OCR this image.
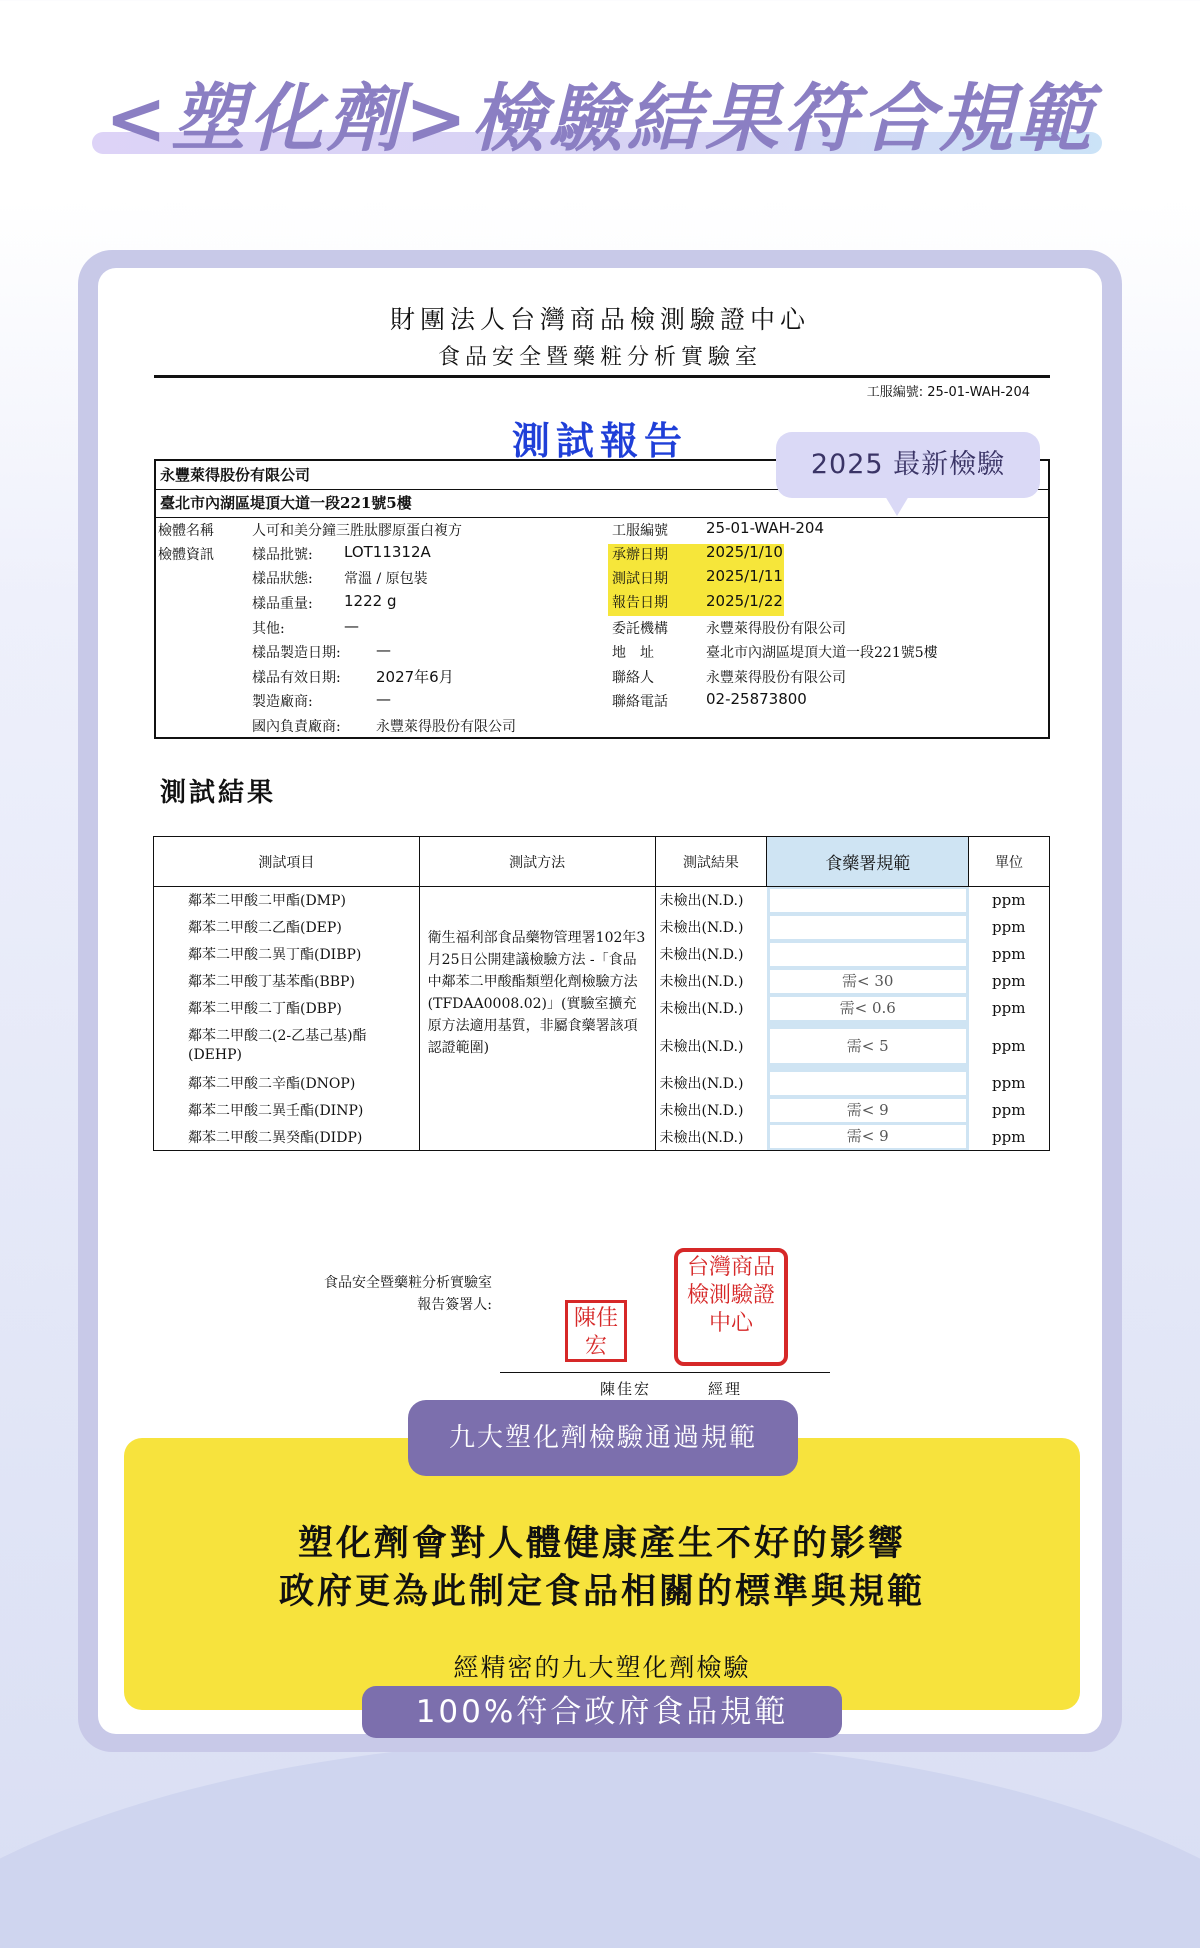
<塑化劑>檢驗結果符合規範
財團法人台灣商品檢測驗證中心
食品安全暨藥粧分析實驗室
工服編號: 25-01-WAH-204
測試報告
2025 最新檢驗
永豐萊得股份有限公司
臺北市內湖區堤頂大道一段221號5樓
檢體名稱	人可和美分鐘三胜肽膠原蛋白複方
檢體資訊	樣品批號: LOT11312A
樣品狀態: 常溫 / 原包裝
樣品重量: 1222 g
其他:	—
樣品製造日期: —
樣品有效日期: 2027年6月
製造廠商:	—
國內負責廠商:	永豐萊得股份有限公司
工服編號	25-01-WAH-204
承辦日期	2025/1/10
測試日期	2025/1/11
報告日期	2025/1/22
委託機構	永豐萊得股份有限公司
地　址	臺北市內湖區堤頂大道一段221號5樓
聯絡人	永豐萊得股份有限公司
聯絡電話	02-25873800
測試結果
測試項目	測試方法	測試結果	食藥署規範	單位
鄰苯二甲酸二甲酯(DMP)	衛生福利部食品藥物管理署102年3月25日公開建議檢驗方法 -「食品中鄰苯二甲酸酯類塑化劑檢驗方法(TFDAA0008.02)」(實驗室擴充原方法適用基質，非屬食藥署該項認證範圍)	未檢出(N.D.)		ppm
鄰苯二甲酸二乙酯(DEP)		未檢出(N.D.)		ppm
鄰苯二甲酸二異丁酯(DIBP)		未檢出(N.D.)		ppm
鄰苯二甲酸丁基苯酯(BBP)		未檢出(N.D.)	需< 30	ppm
鄰苯二甲酸二丁酯(DBP)		未檢出(N.D.)	需< 0.6	ppm
鄰苯二甲酸二(2-乙基己基)酯(DEHP)		未檢出(N.D.)	需< 5	ppm
鄰苯二甲酸二辛酯(DNOP)		未檢出(N.D.)		ppm
鄰苯二甲酸二異壬酯(DINP)		未檢出(N.D.)	需< 9	ppm
鄰苯二甲酸二異癸酯(DIDP)		未檢出(N.D.)	需< 9	ppm
食品安全暨藥粧分析實驗室
報告簽署人:
陳佳宏
台灣商品檢測驗證中心
陳佳宏	經理
九大塑化劑檢驗通過規範
塑化劑會對人體健康產生不好的影響
政府更為此制定食品相關的標準與規範
經精密的九大塑化劑檢驗
100%符合政府食品規範
